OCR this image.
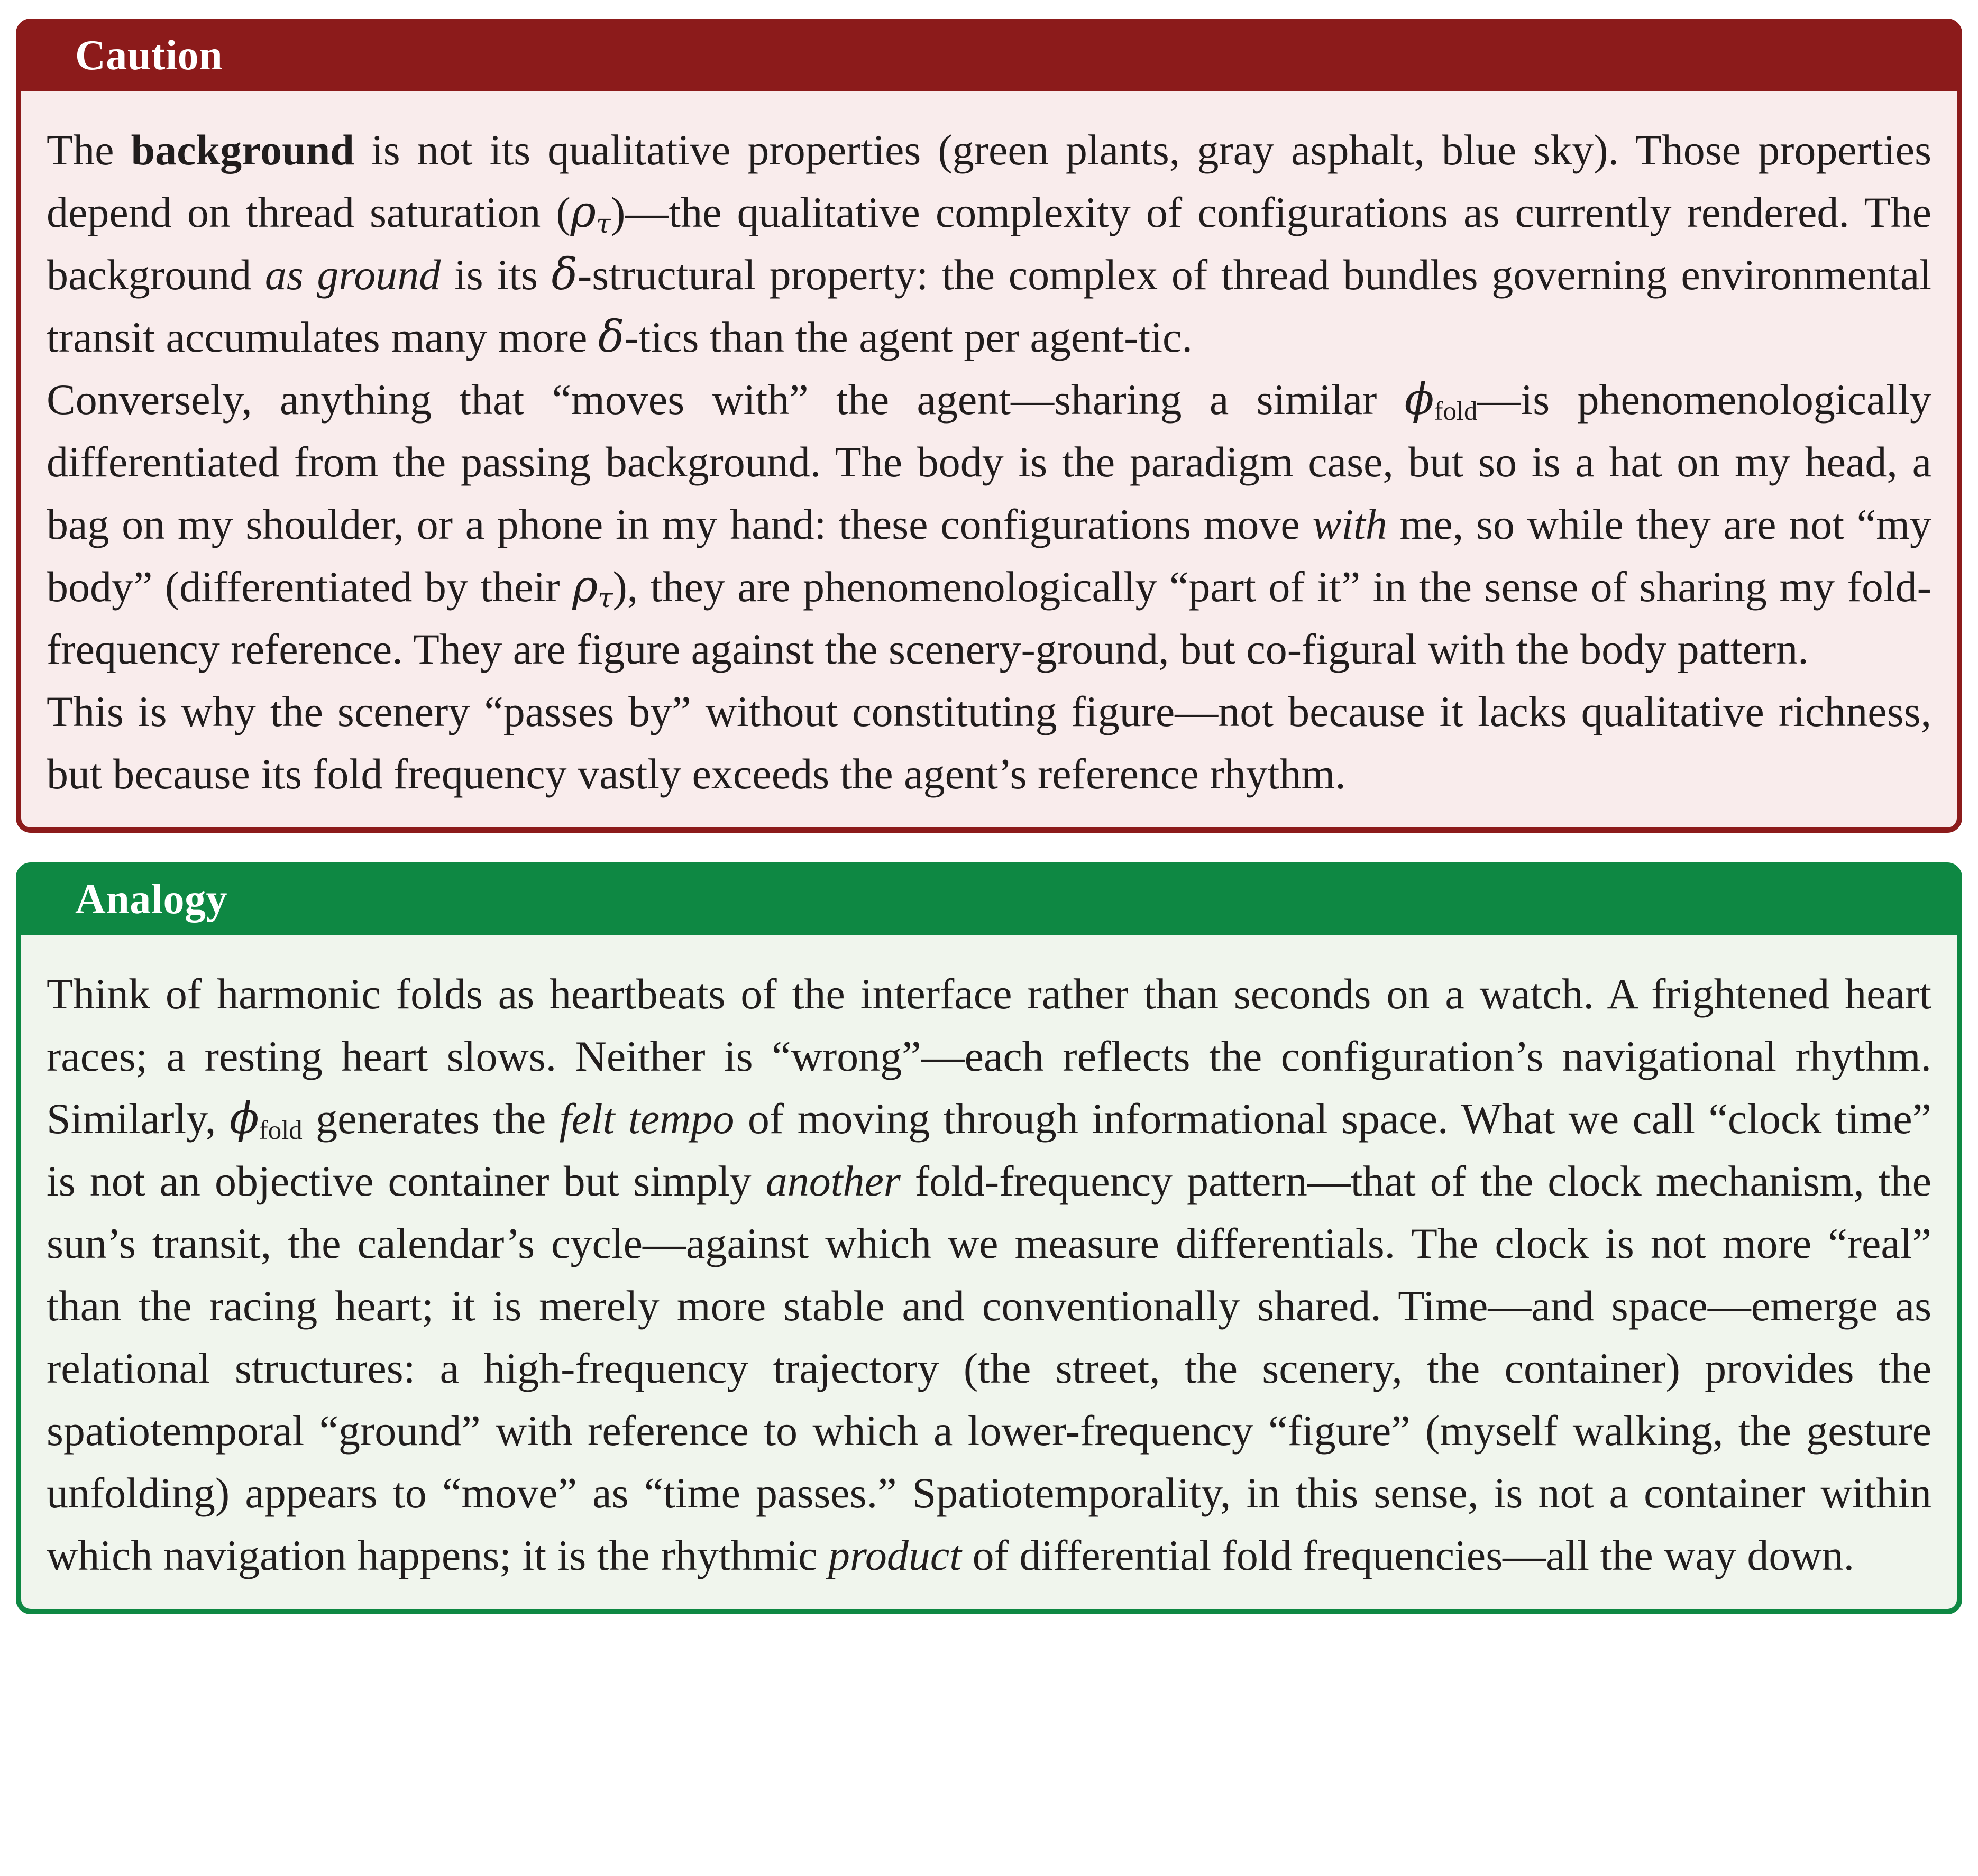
Caution

The background is not its qualitative properties (green plants, gray asphalt, blue sky). Those properties depend on thread saturation (ρτ)—the qualitative complexity of configurations as currently rendered. The background as ground is its δ-structural property: the complex of thread bundles governing environmental transit accumulates many more δ-tics than the agent per agent-tic.

Conversely, anything that “moves with” the agent—sharing a similar $\phi_{fold}—is$ phenomenologically differentiated from the passing background. The body is the paradigm case, but so is a hat on my head, a bag on my shoulder, or a phone in my hand: these configurations move with me, so while they are not “my body” (differentiated by their ρτ), they are phenomenologically “part of it” in the sense of sharing my fold-frequency reference. They are figure against the scenery-ground, but co-figural with the body pattern.

This is why the scenery “passes by” without constituting figure—not because it lacks qualitative richness, but because its fold frequency vastly exceeds the agent’s reference rhythm.

Analogy

Think of harmonic folds as heartbeats of the interface rather than seconds on a watch. A frightened heart races; a resting heart slows. Neither is “wrong”—each reflects the configuration’s navigational rhythm. Similarly, $\phi_{fold}$ generates the felt tempo of moving through informational space. What we call “clock time” is not an objective container but simply another fold-frequency pattern—that of the clock mechanism, the sun’s transit, the calendar’s cycle—against which we measure differentials. The clock is not more “real” than the racing heart; it is merely more stable and conventionally shared. Time—and space—emerge as relational structures: a high-frequency trajectory (the street, the scenery, the container) provides the spatiotemporal “ground” with reference to which a lower-frequency “figure” (myself walking, the gesture unfolding) appears to “move” as “time passes.” Spatiotemporality, in this sense, is not a container within which navigation happens; it is the rhythmic product of differential fold frequencies—all the way down.
